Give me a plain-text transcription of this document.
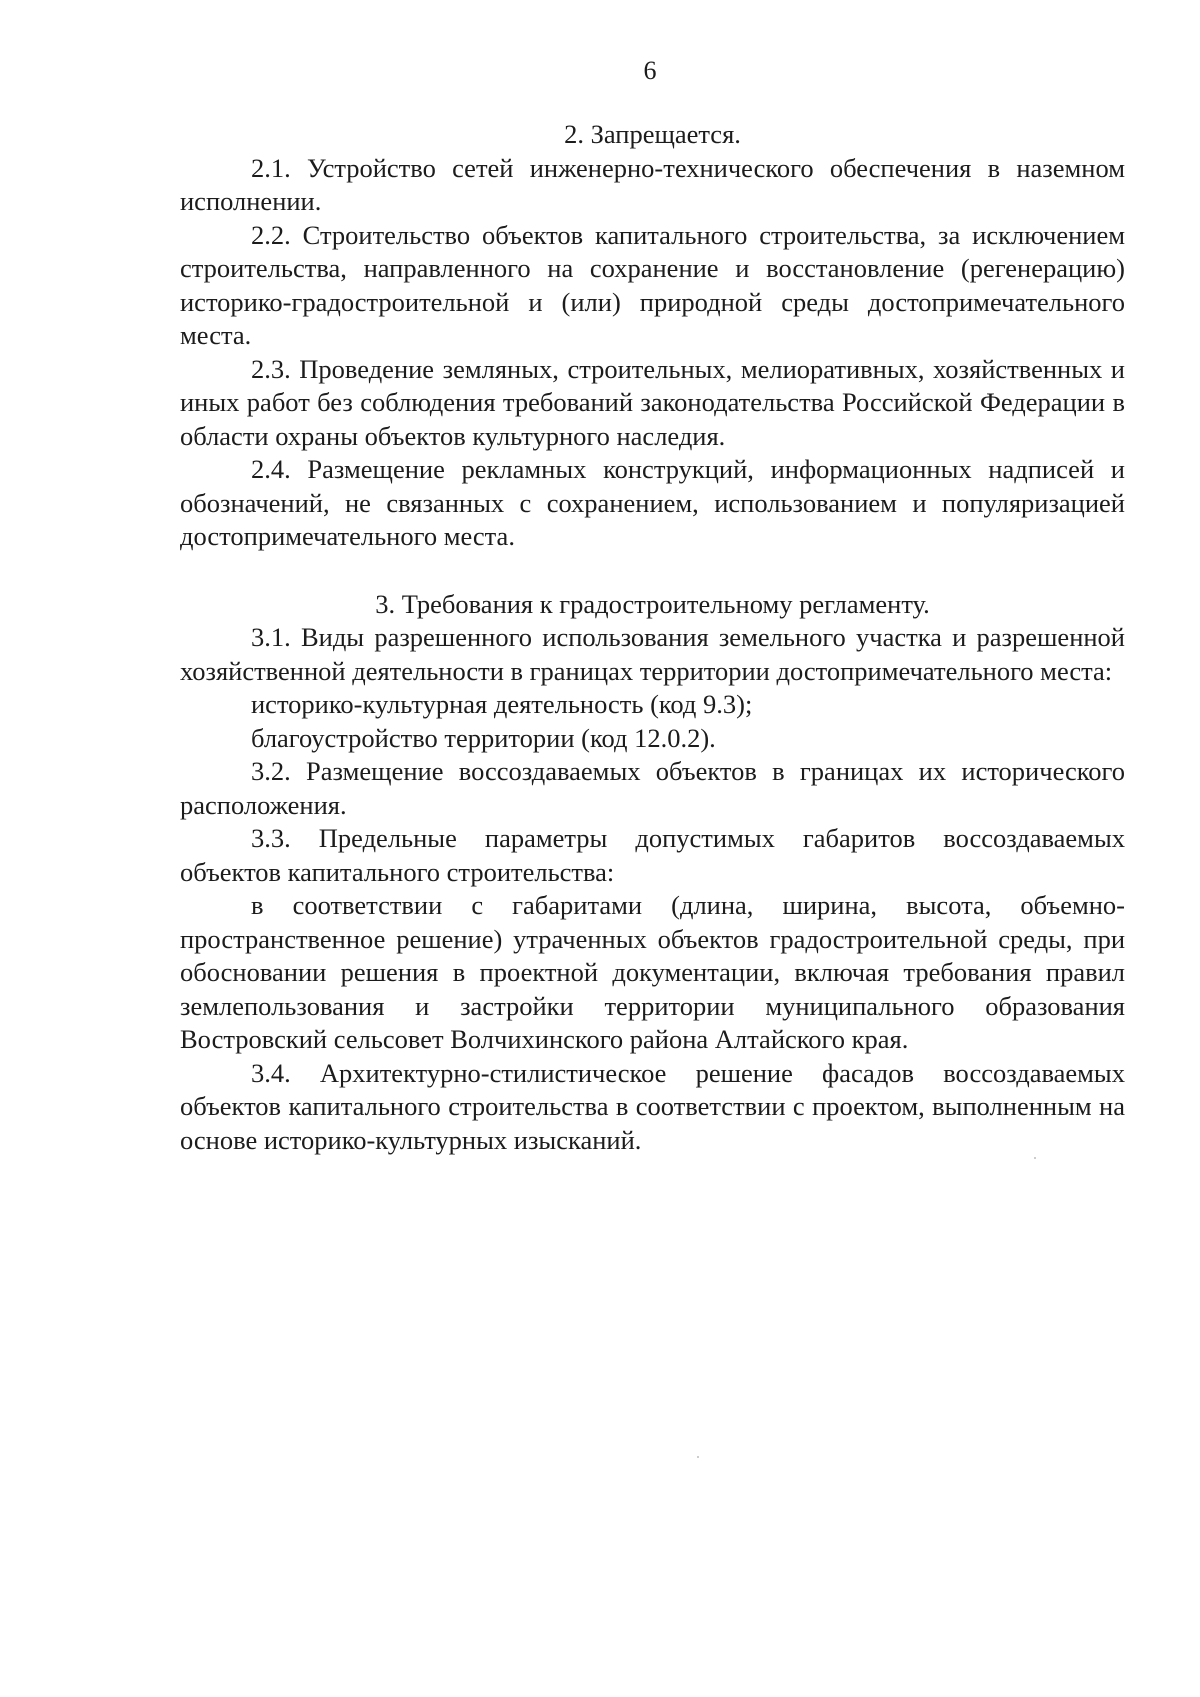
6
2. Запрещается.

2.1. Устройство сетей инженерно-технического обеспечения в наземном исполнении.

2.2. Строительство объектов капитального строительства, за исключением строительства, направленного на сохранение и восстановление (регенерацию) историко-градостроительной и (или) природной среды достопримечательного места.

2.3. Проведение земляных, строительных, мелиоративных, хозяйственных и иных работ без соблюдения требований законодательства Российской Федерации в области охраны объектов культурного наследия.

2.4. Размещение рекламных конструкций, информационных надписей и обозначений, не связанных с сохранением, использованием и популяризацией достопримечательного места.

3. Требования к градостроительному регламенту.

3.1. Виды разрешенного использования земельного участка и разрешенной хозяйственной деятельности в границах территории достопримечательного места:

историко-культурная деятельность (код 9.3);

благоустройство территории (код 12.0.2).

3.2. Размещение воссоздаваемых объектов в границах их исторического расположения.

3.3. Предельные параметры допустимых габаритов воссоздаваемых объектов капитального строительства:

в соответствии с габаритами (длина, ширина, высота, объемно-пространственное решение) утраченных объектов градостроительной среды, при обосновании решения в проектной документации, включая требования правил землепользования и застройки территории муниципального образования Востровский сельсовет Волчихинского района Алтайского края.

3.4. Архитектурно-стилистическое решение фасадов воссоздаваемых объектов капитального строительства в соответствии с проектом, выполненным на основе историко-культурных изысканий.
